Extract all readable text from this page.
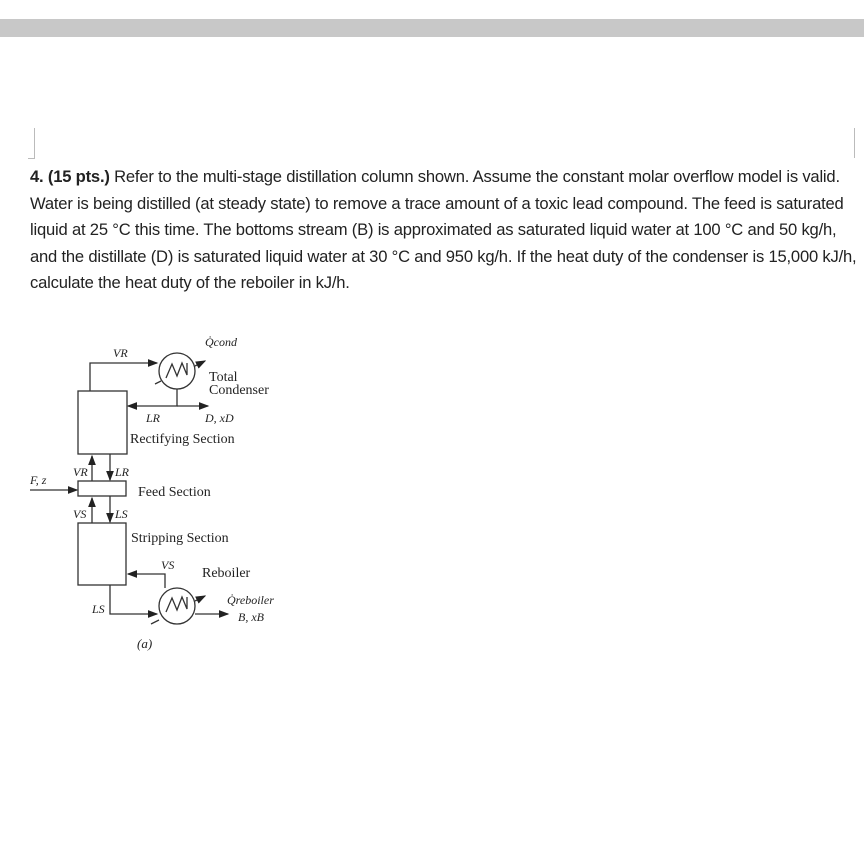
4. (15 pts.) Refer to the multi-stage distillation column shown. Assume the constant molar overflow model is valid. Water is being distilled (at steady state) to remove a trace amount of a toxic lead compound. The feed is saturated liquid at 25 °C this time. The bottoms stream (B) is approximated as saturated liquid water at 100 °C and 50 kg/h, and the distillate (D) is saturated liquid water at 30 °C and 950 kg/h. If the heat duty of the condenser is 15,000 kJ/h, calculate the heat duty of the reboiler in kJ/h.
Q̇cond
VR
Total
Condenser
LR	D, xD
Rectifying Section
F, z
VR LR
Feed Section
VS LS
Stripping Section
VS
Reboiler
Q̇reboiler
LS
B, xB
(a)
